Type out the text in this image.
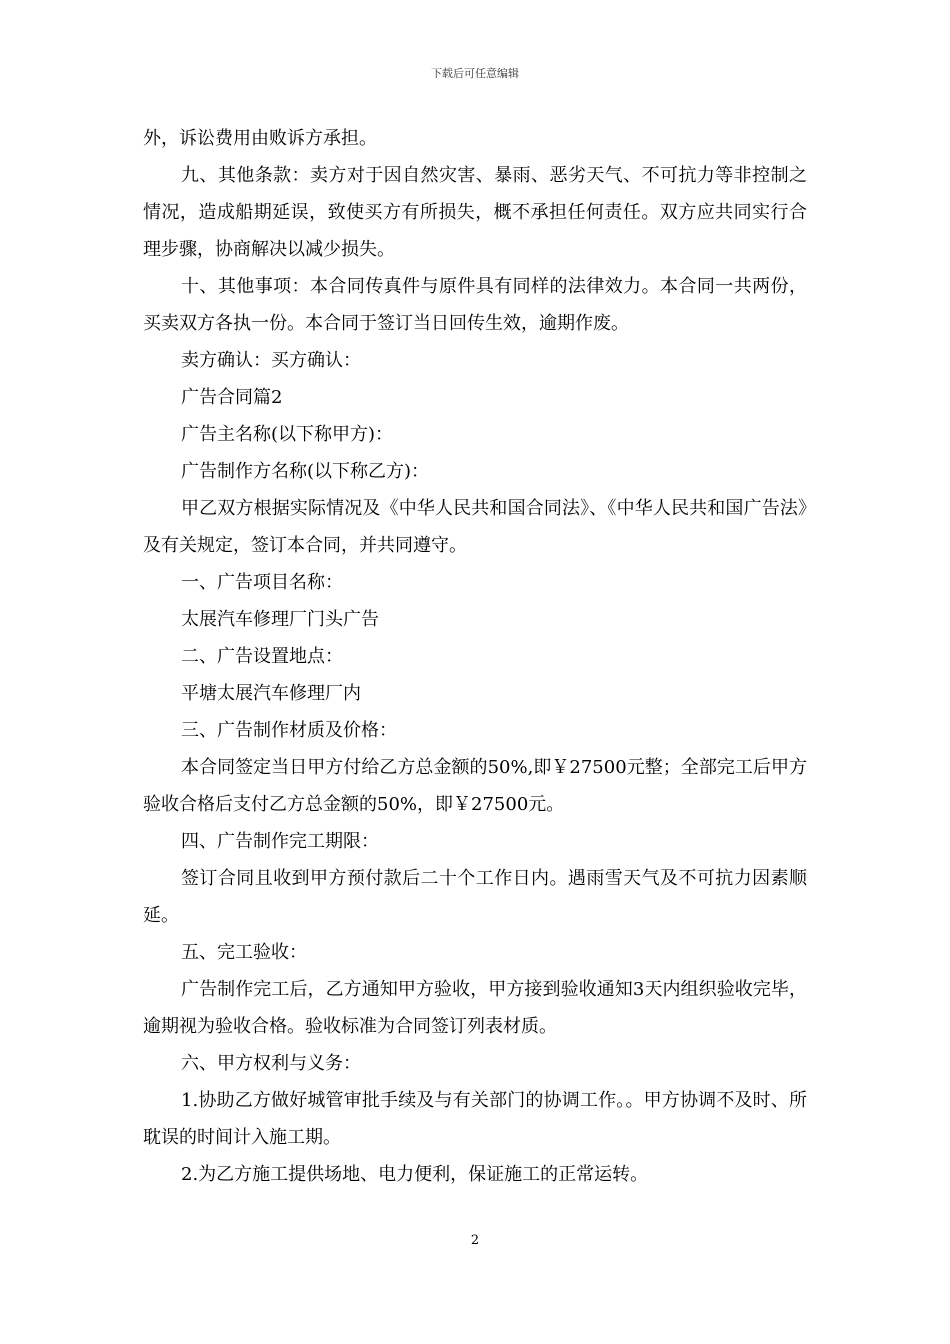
下载后可任意编辑

外，诉讼费用由败诉方承担。

九、其他条款：卖方对于因自然灾害、暴雨、恶劣天气、不可抗力等非控制之情况，造成船期延误，致使买方有所损失，概不承担任何责任。双方应共同实行合理步骤，协商解决以减少损失。

十、其他事项：本合同传真件与原件具有同样的法律效力。本合同一共两份，买卖双方各执一份。本合同于签订当日回传生效，逾期作废。

卖方确认：买方确认：

广告合同篇2

广告主名称(以下称甲方)：

广告制作方名称(以下称乙方)：

甲乙双方根据实际情况及《中华人民共和国合同法》、《中华人民共和国广告法》及有关规定，签订本合同，并共同遵守。

一、广告项目名称：

太展汽车修理厂门头广告

二、广告设置地点：

平塘太展汽车修理厂内

三、广告制作材质及价格：

本合同签定当日甲方付给乙方总金额的50%,即￥27500元整；全部完工后甲方验收合格后支付乙方总金额的50%，即￥27500元。

四、广告制作完工期限：

签订合同且收到甲方预付款后二十个工作日内。遇雨雪天气及不可抗力因素顺延。

五、完工验收：

广告制作完工后，乙方通知甲方验收，甲方接到验收通知3天内组织验收完毕，逾期视为验收合格。验收标准为合同签订列表材质。

六、甲方权利与义务：

1.协助乙方做好城管审批手续及与有关部门的协调工作。。甲方协调不及时、所耽误的时间计入施工期。

2.为乙方施工提供场地、电力便利，保证施工的正常运转。

2
